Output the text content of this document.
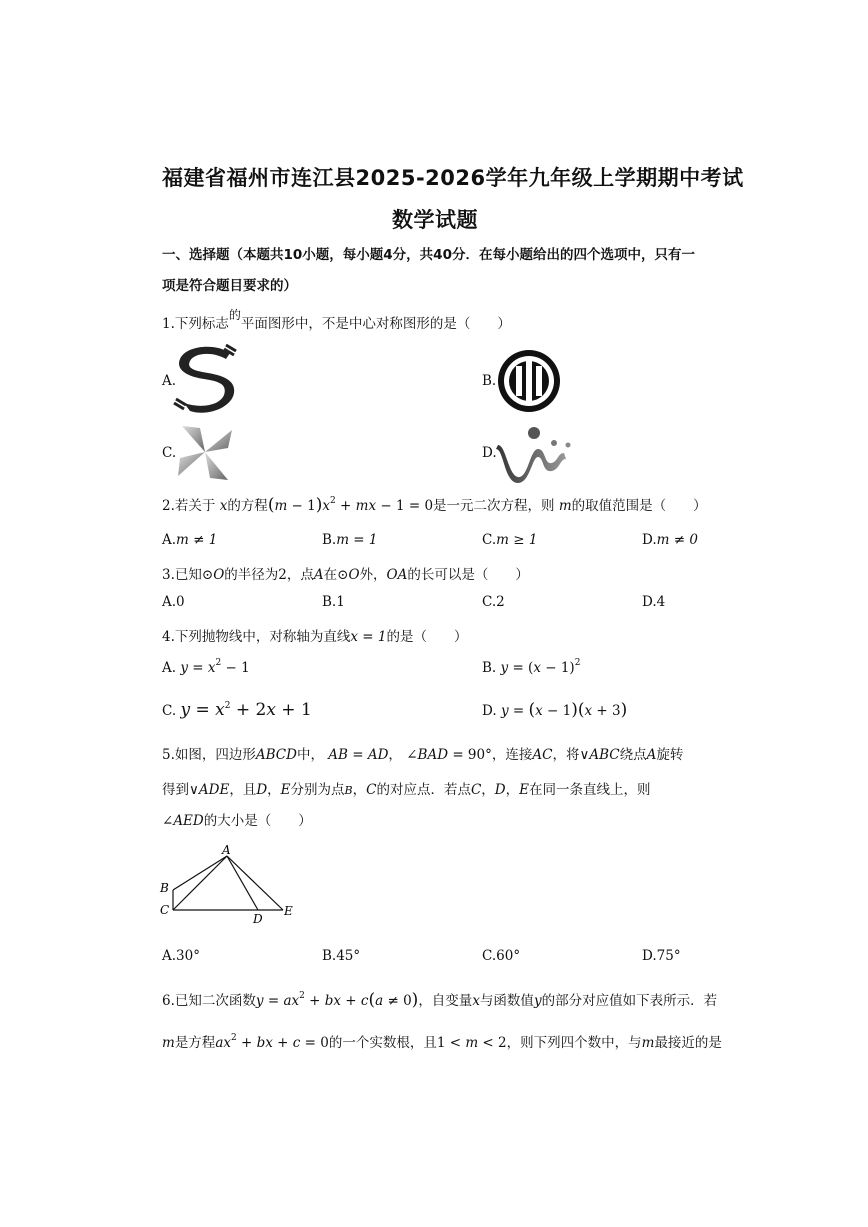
福建省福州市连江县2025-2026学年九年级上学期期中考试
数学试题
一、选择题（本题共10小题，每小题4分，共40分．在每小题给出的四个选项中，只有一
项是符合题目要求的）
1.下列标志$^的$平面图形中，不是中心对称图形的是（　　）
A.	B.
C.	D.
2.若关于 x的方程$(m - 1)x^2$ + mx − 1 = 0是一元二次方程，则 m的取值范围是（　　）
A.m ≠ 1	B.m = 1	C.m ≥ 1	D.m ≠ 0
3.已知⊙O的半径为2，点A在⊙O外，OA的长可以是（　　）
A.0	B.1	C.2	D.4
4.下列抛物线中，对称轴为直线x = 1的是（　　）
A. $y = x^2 - 1$	B. $y = (x - 1)^2$
C. $y = x^2 + 2x + 1$	D. y = (x − 1)(x + 3)
5.如图，四边形ABCD中， AB = AD， ∠BAD = 90°，连接AC，将∨ABC绕点A旋转
得到∨ADE，且D，E分别为点B，C的对应点．若点C，D，E在同一条直线上，则
∠AED的大小是（　　）
A
B
C
D
E
A.30°	B.45°	C.60°	D.75°
6.已知二次函数$y = ax^2$ + bx + c(a ≠ 0)，自变量x与函数值y的部分对应值如下表所示．若
m是方程$ax^2$ + bx + c = 0的一个实数根，且1 < m < 2，则下列四个数中，与m最接近的是
